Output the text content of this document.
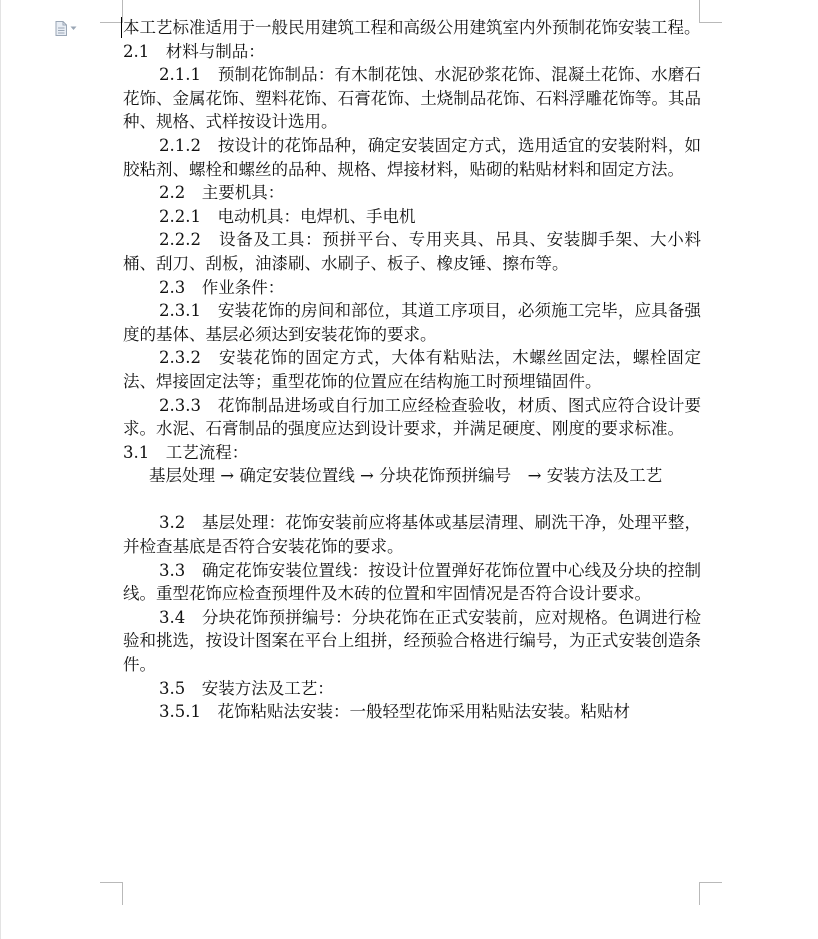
本工艺标准适用于一般民用建筑工程和高级公用建筑室内外预制花饰安装工程。

2.1　材料与制品：

2.1.1　预制花饰制品：有木制花蚀、水泥砂浆花饰、混凝土花饰、水磨石花饰、金属花饰、塑料花饰、石膏花饰、土烧制品花饰、石料浮雕花饰等。其品种、规格、式样按设计选用。

2.1.2　按设计的花饰品种，确定安装固定方式，选用适宜的安装附料，如胶粘剂、螺栓和螺丝的品种、规格、焊接材料，贴砌的粘贴材料和固定方法。

2.2　主要机具：

2.2.1　电动机具：电焊机、手电机

2.2.2　设备及工具：预拼平台、专用夹具、吊具、安装脚手架、大小料桶、刮刀、刮板，油漆刷、水刷子、板子、橡皮锤、擦布等。

2.3　作业条件：

2.3.1　安装花饰的房间和部位，其道工序项目，必须施工完毕，应具备强度的基体、基层必须达到安装花饰的要求。

2.3.2　安装花饰的固定方式，大体有粘贴法，木螺丝固定法，螺栓固定法、焊接固定法等；重型花饰的位置应在结构施工时预埋锚固件。

2.3.3　花饰制品进场或自行加工应经检查验收，材质、图式应符合设计要求。水泥、石膏制品的强度应达到设计要求，并满足硬度、刚度的要求标准。

3.1　工艺流程：

基层处理 → 确定安装位置线 → 分块花饰预拼编号　→ 安装方法及工艺

3.2　基层处理：花饰安装前应将基体或基层清理、刷洗干净，处理平整，并检查基底是否符合安装花饰的要求。

3.3　确定花饰安装位置线：按设计位置弹好花饰位置中心线及分块的控制线。重型花饰应检查预埋件及木砖的位置和牢固情况是否符合设计要求。

3.4　分块花饰预拼编号：分块花饰在正式安装前，应对规格。色调进行检验和挑选，按设计图案在平台上组拼，经预验合格进行编号，为正式安装创造条件。

3.5　安装方法及工艺：

3.5.1　花饰粘贴法安装：一般轻型花饰采用粘贴法安装。粘贴材
